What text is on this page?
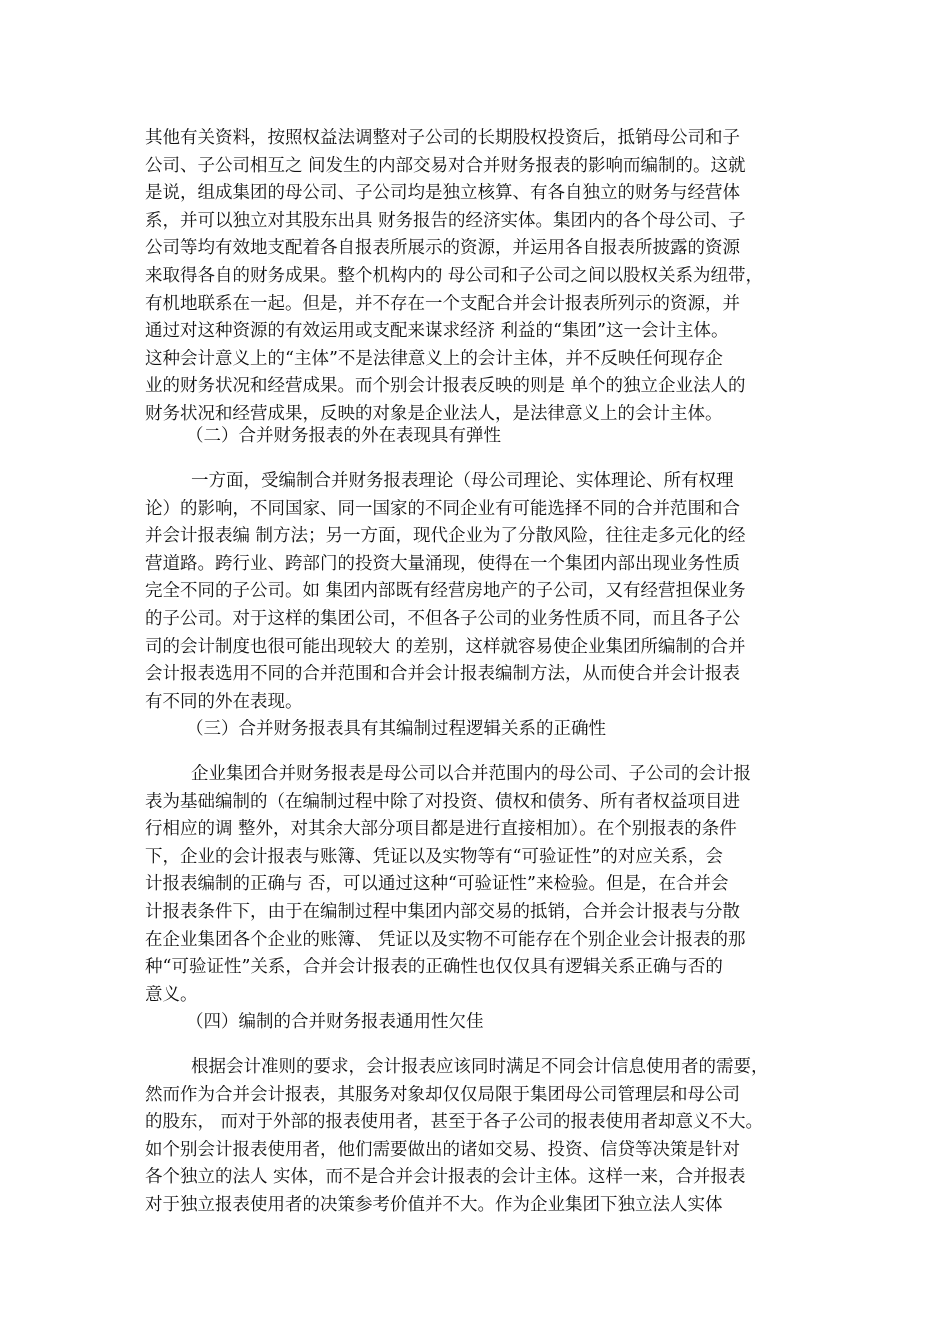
其他有关资料，按照权益法调整对子公司的长期股权投资后，抵销母公司和子
公司、子公司相互之 间发生的内部交易对合并财务报表的影响而编制的。这就
是说，组成集团的母公司、子公司均是独立核算、有各自独立的财务与经营体
系，并可以独立对其股东出具 财务报告的经济实体。集团内的各个母公司、子
公司等均有效地支配着各自报表所展示的资源，并运用各自报表所披露的资源
来取得各自的财务成果。整个机构内的 母公司和子公司之间以股权关系为纽带，
有机地联系在一起。但是，并不存在一个支配合并会计报表所列示的资源，并
通过对这种资源的有效运用或支配来谋求经济 利益的“集团”这一会计主体。
这种会计意义上的“主体”不是法律意义上的会计主体，并不反映任何现存企
业的财务状况和经营成果。而个别会计报表反映的则是 单个的独立企业法人的
财务状况和经营成果，反映的对象是企业法人，是法律意义上的会计主体。
（二）合并财务报表的外在表现具有弹性
一方面，受编制合并财务报表理论（母公司理论、实体理论、所有权理
论）的影响，不同国家、同一国家的不同企业有可能选择不同的合并范围和合
并会计报表编 制方法；另一方面，现代企业为了分散风险，往往走多元化的经
营道路。跨行业、跨部门的投资大量涌现，使得在一个集团内部出现业务性质
完全不同的子公司。如 集团内部既有经营房地产的子公司，又有经营担保业务
的子公司。对于这样的集团公司，不但各子公司的业务性质不同，而且各子公
司的会计制度也很可能出现较大 的差别，这样就容易使企业集团所编制的合并
会计报表选用不同的合并范围和合并会计报表编制方法，从而使合并会计报表
有不同的外在表现。
（三）合并财务报表具有其编制过程逻辑关系的正确性
企业集团合并财务报表是母公司以合并范围内的母公司、子公司的会计报
表为基础编制的（在编制过程中除了对投资、债权和债务、所有者权益项目进
行相应的调 整外，对其余大部分项目都是进行直接相加）。在个别报表的条件
下，企业的会计报表与账簿、凭证以及实物等有“可验证性”的对应关系，会
计报表编制的正确与 否，可以通过这种“可验证性”来检验。但是，在合并会
计报表条件下，由于在编制过程中集团内部交易的抵销，合并会计报表与分散
在企业集团各个企业的账簿、 凭证以及实物不可能存在个别企业会计报表的那
种“可验证性”关系，合并会计报表的正确性也仅仅具有逻辑关系正确与否的
意义。
（四）编制的合并财务报表通用性欠佳
根据会计准则的要求，会计报表应该同时满足不同会计信息使用者的需要，
然而作为合并会计报表，其服务对象却仅仅局限于集团母公司管理层和母公司
的股东， 而对于外部的报表使用者，甚至于各子公司的报表使用者却意义不大。
如个别会计报表使用者，他们需要做出的诸如交易、投资、信贷等决策是针对
各个独立的法人 实体，而不是合并会计报表的会计主体。这样一来，合并报表
对于独立报表使用者的决策参考价值并不大。作为企业集团下独立法人实体
